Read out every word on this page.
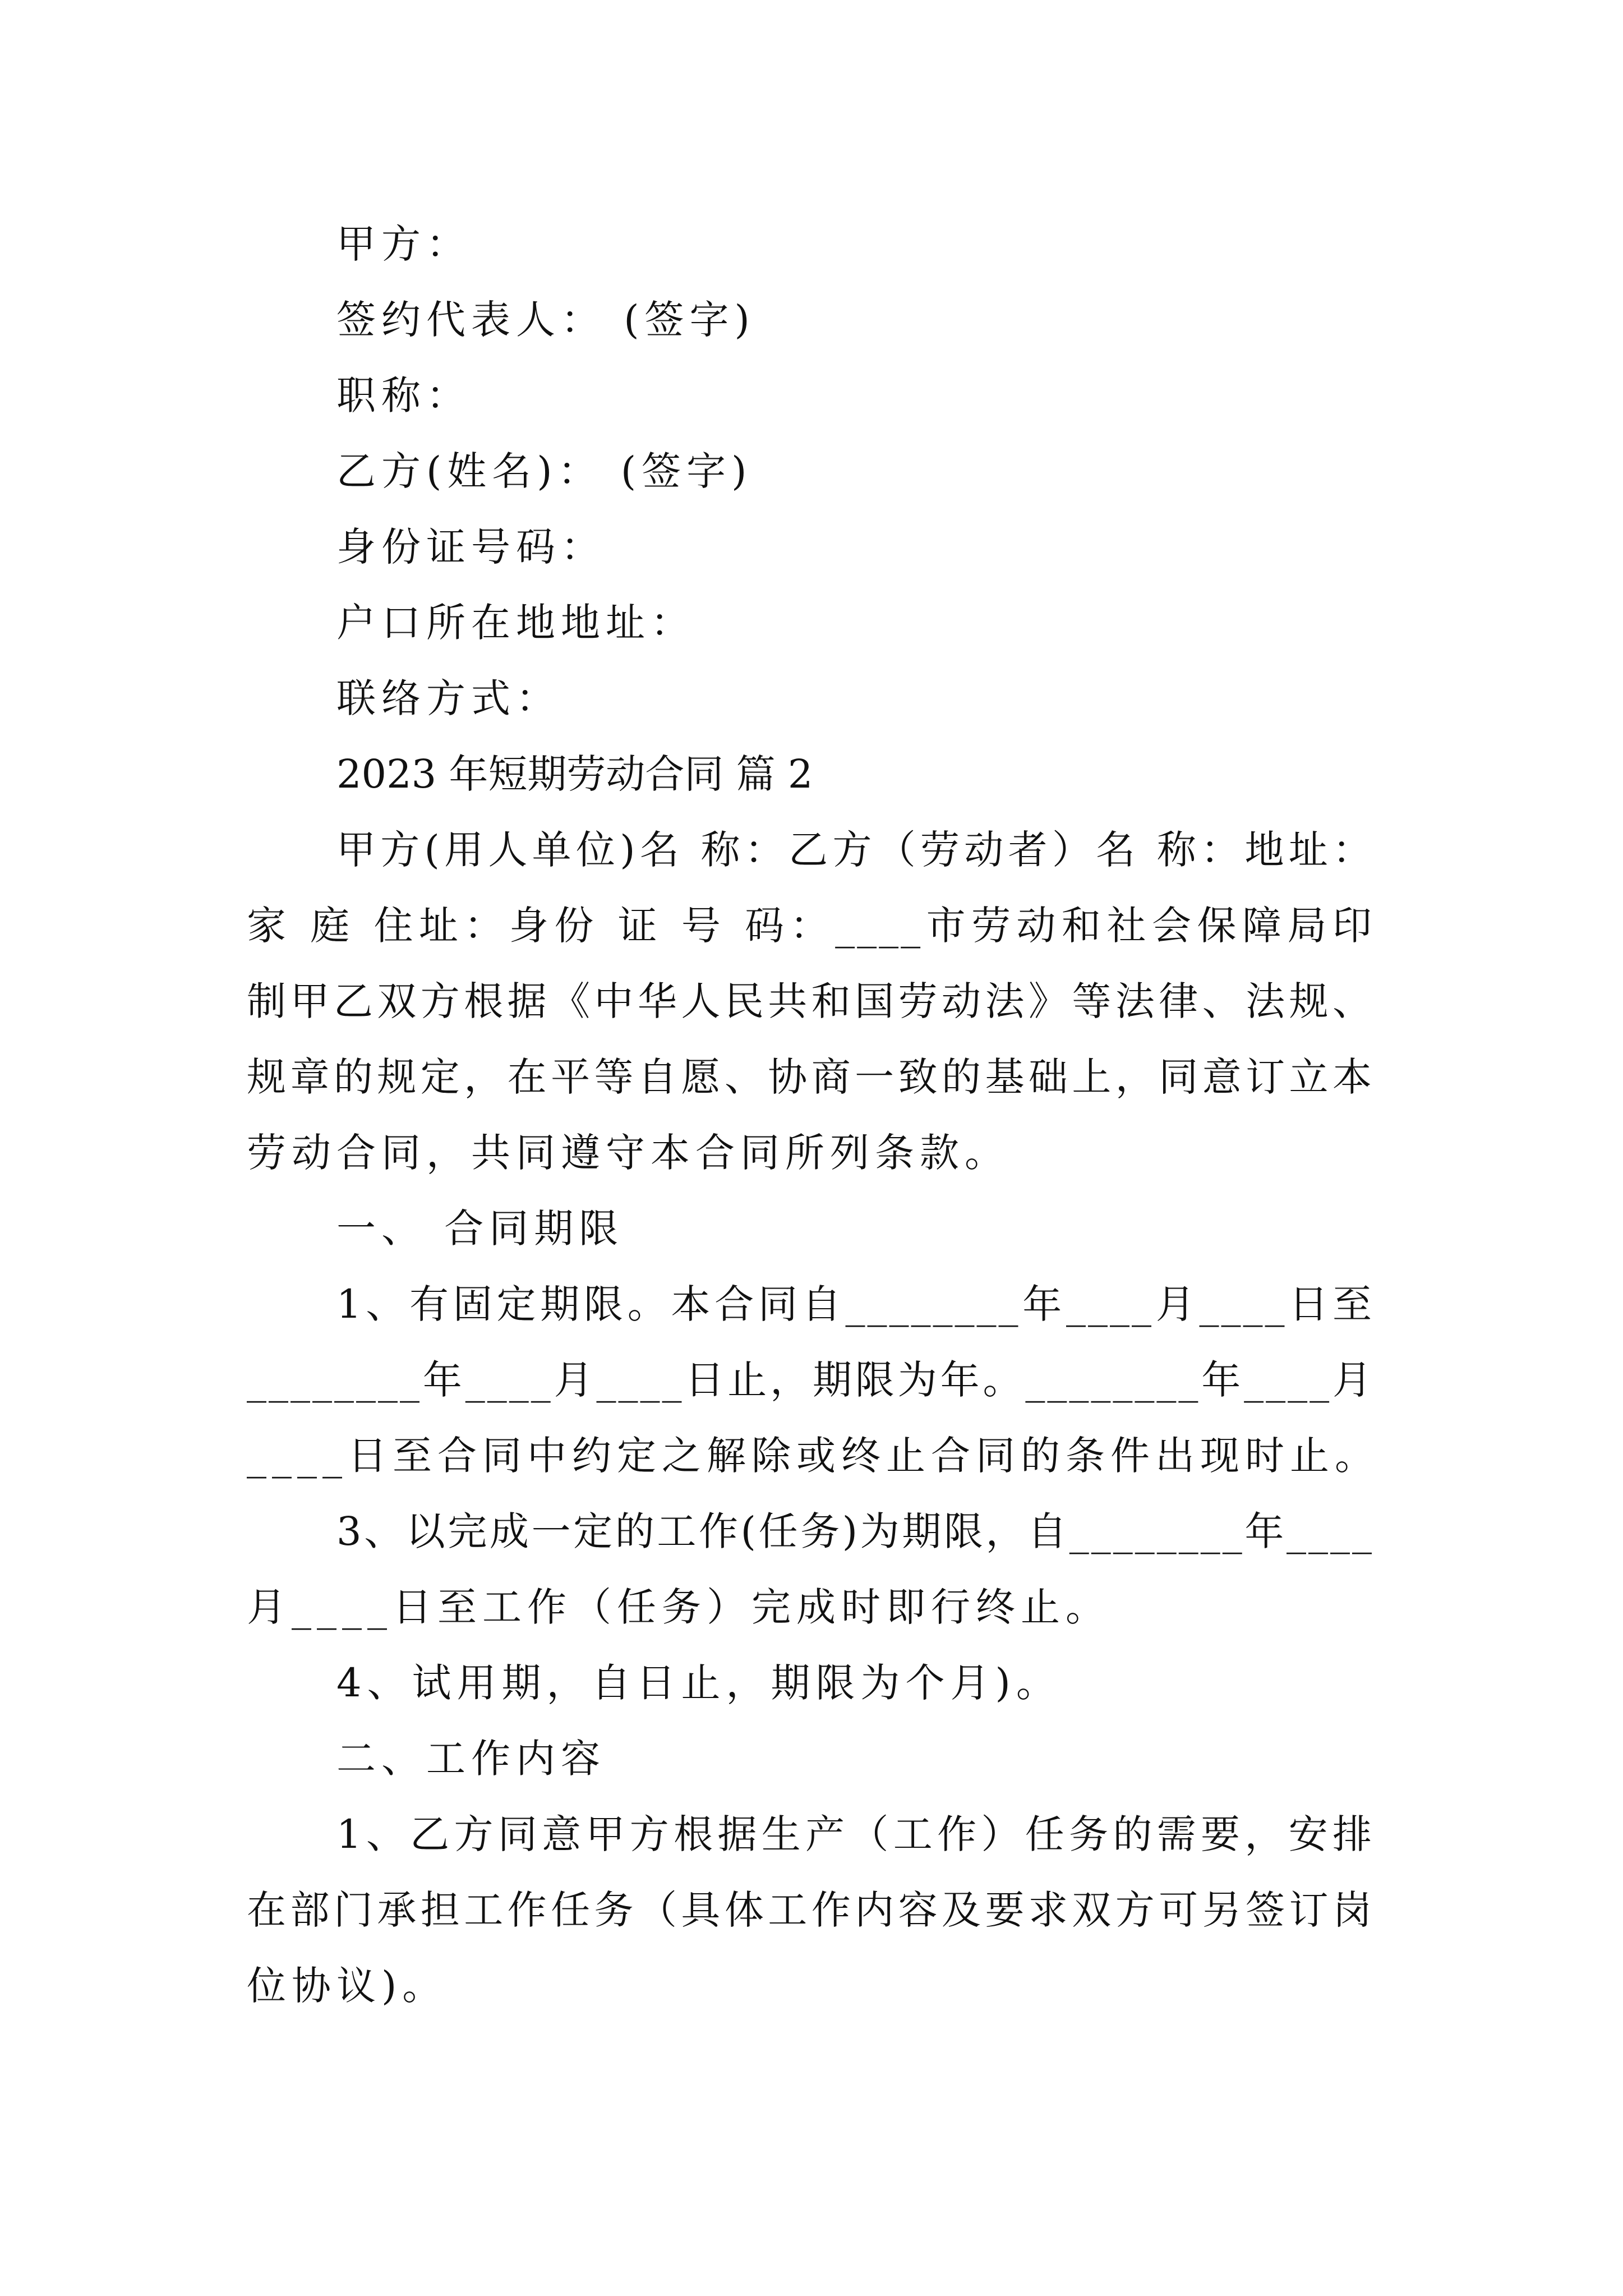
甲方：
签约代表人： (签字)
职称：
乙方(姓名)： (签字)
身份证号码：
户口所在地地址：
联络方式：
2023 年短期劳动合同 篇 2
甲方(用人单位)名 称：乙方（劳动者）名 称：地址：
家 庭 住址：身份 证 号 码：____市劳动和社会保障局印
制甲乙双方根据《中华人民共和国劳动法》等法律、法规、
规章的规定，在平等自愿、协商一致的基础上，同意订立本
劳动合同，共同遵守本合同所列条款。
一、 合同期限
1、有固定期限。本合同自________年____月____日至
________年____月____日止，期限为年。________年____月
____日至合同中约定之解除或终止合同的条件出现时止。
3、以完成一定的工作(任务)为期限，自________年____
月____日至工作（任务）完成时即行终止。
4、试用期，自日止，期限为个月)。
二、工作内容
1、乙方同意甲方根据生产（工作）任务的需要，安排
在部门承担工作任务（具体工作内容及要求双方可另签订岗
位协议)。
